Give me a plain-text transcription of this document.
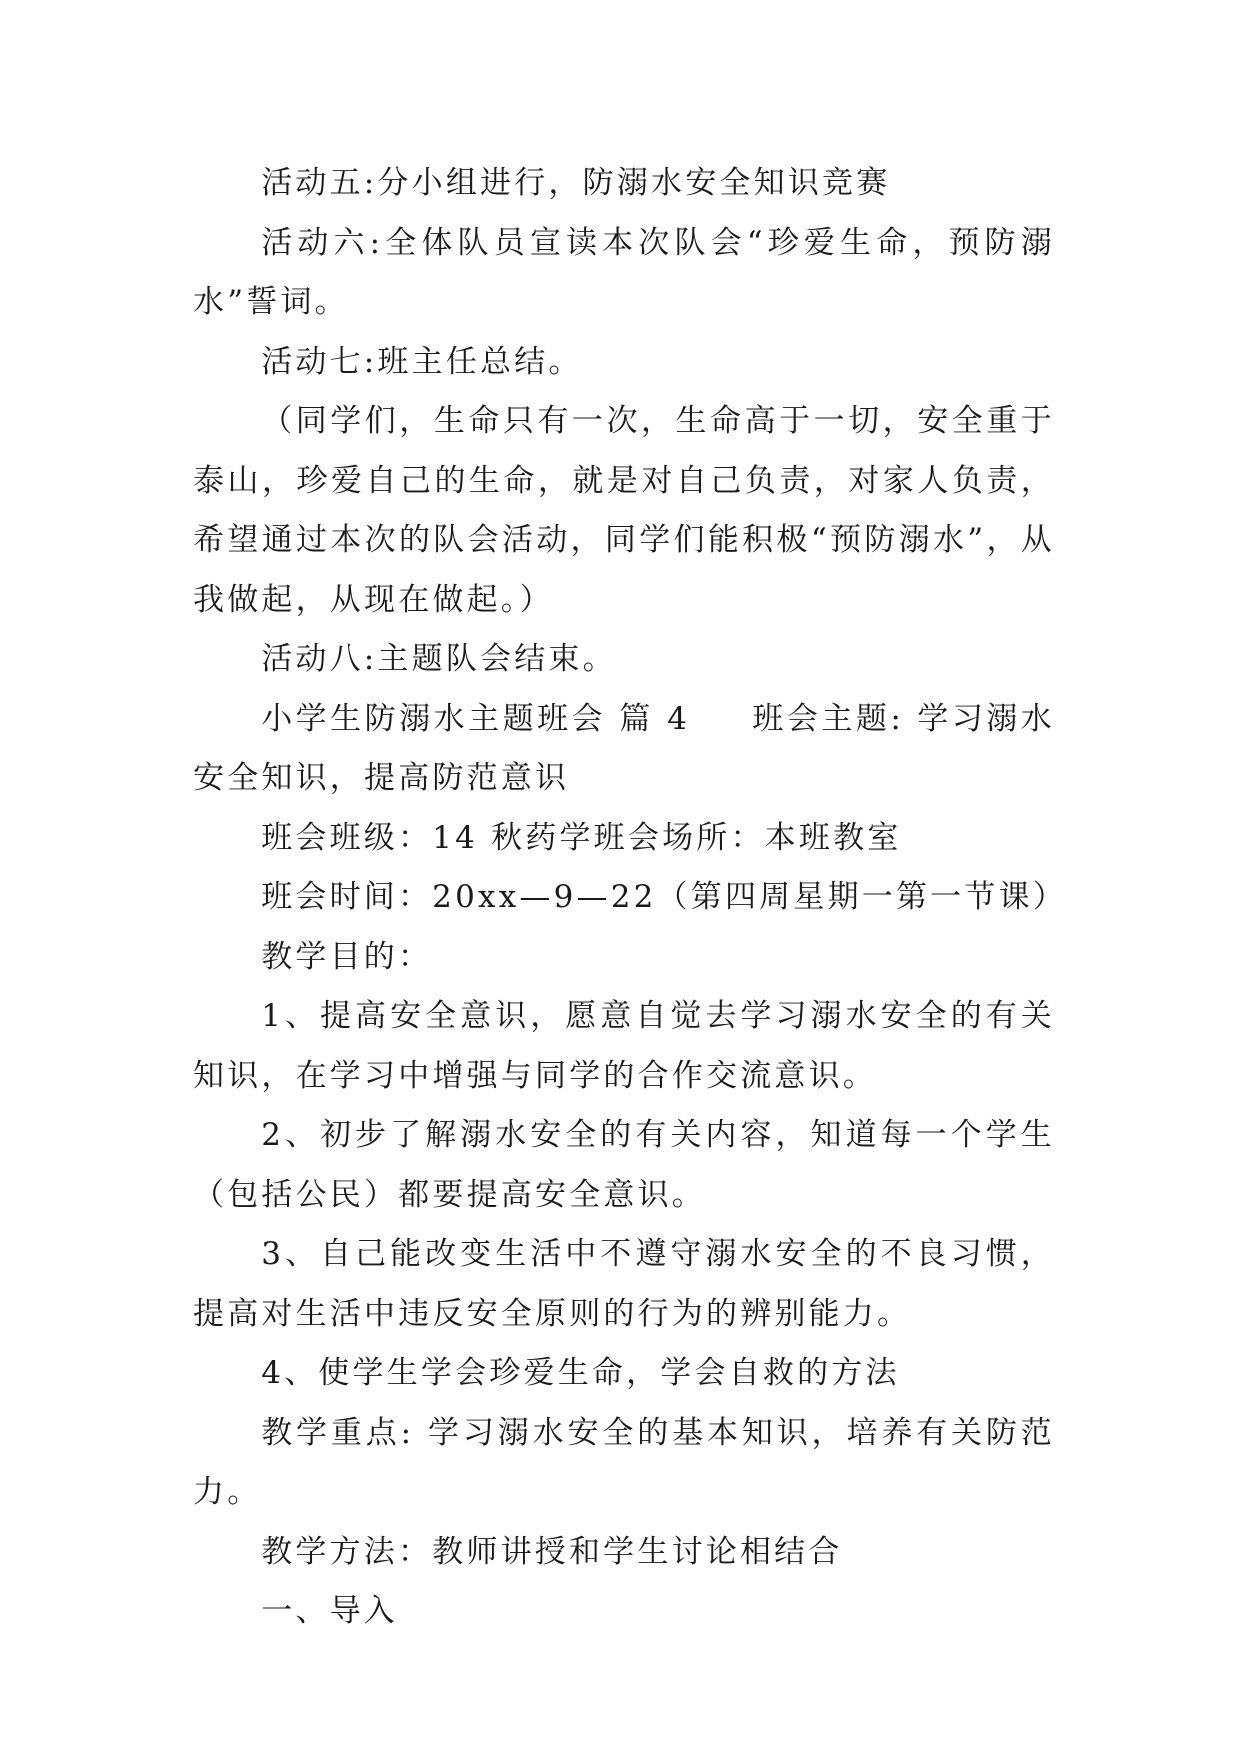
活动五:分小组进行，防溺水安全知识竞赛

活动六:全体队员宣读本次队会“珍爱生命，预防溺水”誓词。

活动七:班主任总结。

（同学们，生命只有一次，生命高于一切，安全重于泰山，珍爱自己的生命，就是对自己负责，对家人负责，希望通过本次的队会活动，同学们能积极“预防溺水”，从我做起，从现在做起。）

活动八:主题队会结束。

小学生防溺水主题班会 篇 4 班会主题: 学习溺水安全知识，提高防范意识

班会班级：14 秋药学班会场所：本班教室

班会时间：20xx—9—22（第四周星期一第一节课）

教学目的：

1、提高安全意识，愿意自觉去学习溺水安全的有关知识，在学习中增强与同学的合作交流意识。

2、初步了解溺水安全的有关内容，知道每一个学生（包括公民）都要提高安全意识。

3、自己能改变生活中不遵守溺水安全的不良习惯，提高对生活中违反安全原则的行为的辨别能力。

4、使学生学会珍爱生命，学会自救的方法

教学重点: 学习溺水安全的基本知识，培养有关防范力。

教学方法：教师讲授和学生讨论相结合

一、导入
